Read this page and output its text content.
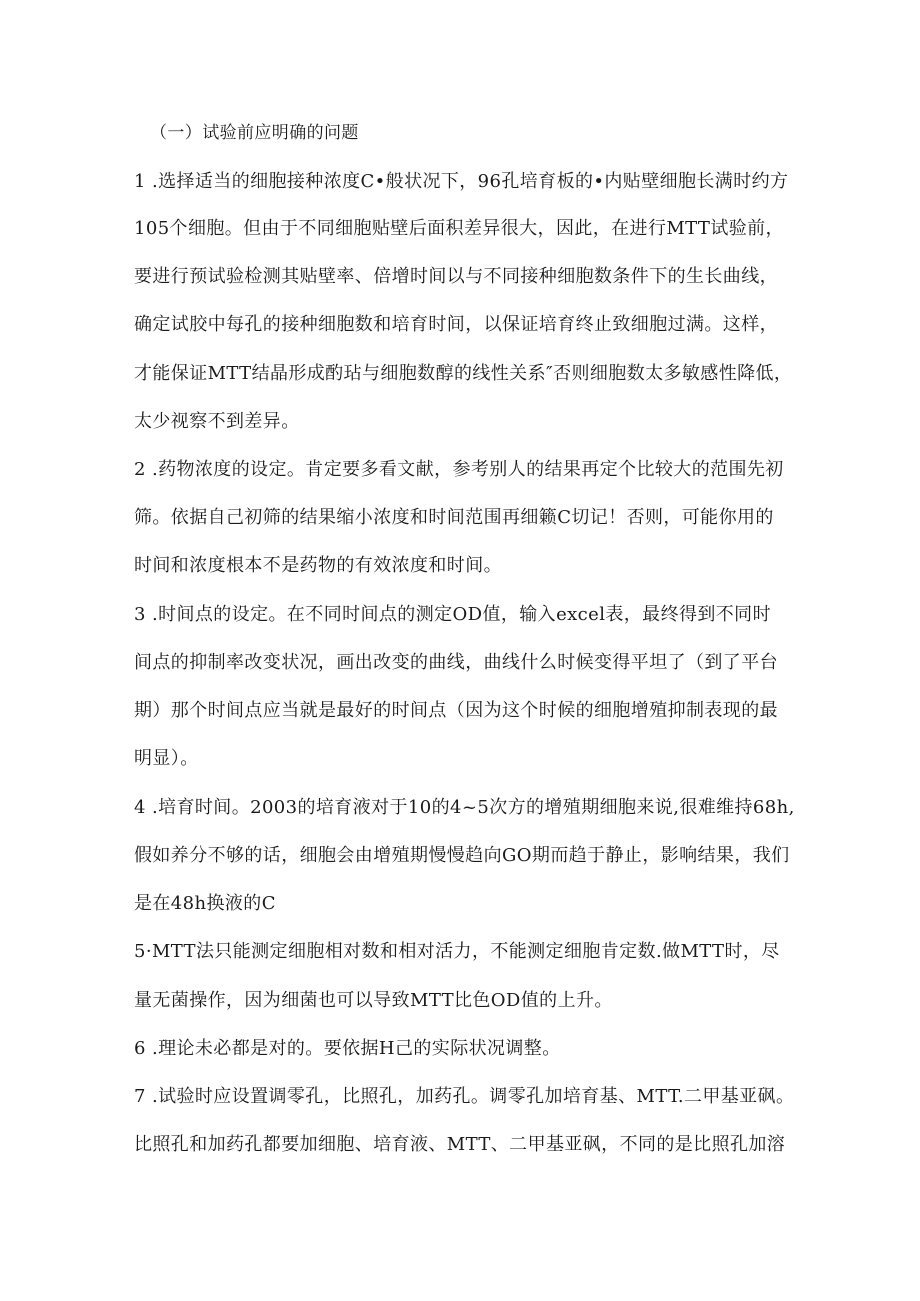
（一）试验前应明确的问题
1 .选择适当的细胞接种浓度C•般状况下，96孔培育板的•内贴壁细胞长满时约方
105个细胞。但由于不同细胞贴壁后面积差异很大，因此，在进行MTT试验前，
要进行预试验检测其贴壁率、倍增时间以与不同接种细胞数条件下的生长曲线，
确定试胶中每孔的接种细胞数和培育时间，以保证培育终止致细胞过满。这样，
才能保证MTT结晶形成酌玷与细胞数醇的线性关系″否则细胞数太多敏感性降低，
太少视察不到差异。
2 .药物浓度的设定。肯定要多看文献，参考别人的结果再定个比较大的范围先初
筛。依据自己初筛的结果缩小浓度和时间范围再细籁C切记！否则，可能你用的
时间和浓度根本不是药物的有效浓度和时间。
3 .时间点的设定。在不同时间点的测定OD值，输入excel表，最终得到不同时
间点的抑制率改变状况，画出改变的曲线，曲线什么时候变得平坦了（到了平台
期）那个时间点应当就是最好的时间点（因为这个时候的细胞增殖抑制表现的最
明显）。
4 .培育时间。2003的培育液对于10的4~5次方的增殖期细胞来说,很难维持68h,
假如养分不够的话，细胞会由增殖期慢慢趋向GO期而趋于静止，影响结果，我们
是在48h换液的C
5·MTT法只能测定细胞相对数和相对活力，不能测定细胞肯定数.做MTT时，尽
量无菌操作，因为细菌也可以导致MTT比色OD值的上升。
6 .理论未必都是对的。要依据H己的实际状况调整。
7 .试验时应设置调零孔，比照孔，加药孔。调零孔加培育基、MTT.二甲基亚砜。
比照孔和加药孔都要加细胞、培育液、MTT、二甲基亚砜，不同的是比照孔加溶
